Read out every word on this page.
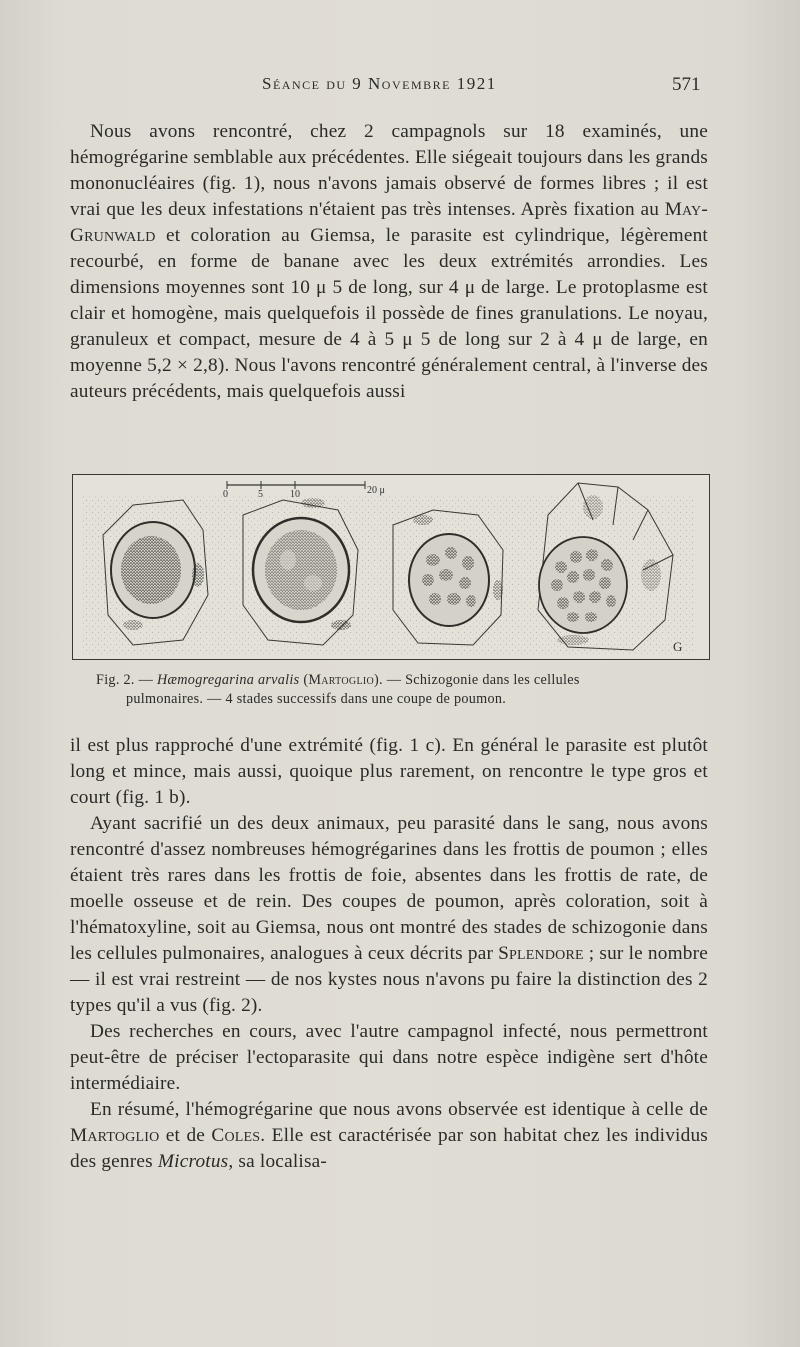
Séance du 9 Novembre 1921	571

Nous avons rencontré, chez 2 campagnols sur 18 examinés, une hémogrégarine semblable aux précédentes. Elle siégeait toujours dans les grands mononucléaires (fig. 1), nous n'avons jamais observé de formes libres ; il est vrai que les deux infestations n'étaient pas très intenses. Après fixation au May-Grunwald et coloration au Giemsa, le parasite est cylindrique, légèrement recourbé, en forme de banane avec les deux extrémités arrondies. Les dimensions moyennes sont 10 μ 5 de long, sur 4 μ de large. Le protoplasme est clair et homogène, mais quelquefois il possède de fines granulations. Le noyau, granuleux et compact, mesure de 4 à 5 μ 5 de long sur 2 à 4 μ de large, en moyenne 5,2 × 2,8). Nous l'avons rencontré généralement central, à l'inverse des auteurs précédents, mais quelquefois aussi

0	5	10	20 μ
G
Fig. 2. — Hæmogregarina arvalis (Martoglio). — Schizogonie dans les cellules
pulmonaires. — 4 stades successifs dans une coupe de poumon.

il est plus rapproché d'une extrémité (fig. 1 c). En général le parasite est plutôt long et mince, mais aussi, quoique plus rarement, on rencontre le type gros et court (fig. 1 b).

Ayant sacrifié un des deux animaux, peu parasité dans le sang, nous avons rencontré d'assez nombreuses hémogrégarines dans les frottis de poumon ; elles étaient très rares dans les frottis de foie, absentes dans les frottis de rate, de moelle osseuse et de rein. Des coupes de poumon, après coloration, soit à l'hématoxyline, soit au Giemsa, nous ont montré des stades de schizogonie dans les cellules pulmonaires, analogues à ceux décrits par Splendore ; sur le nombre — il est vrai restreint — de nos kystes nous n'avons pu faire la distinction des 2 types qu'il a vus (fig. 2).

Des recherches en cours, avec l'autre campagnol infecté, nous permettront peut-être de préciser l'ectoparasite qui dans notre espèce indigène sert d'hôte intermédiaire.

En résumé, l'hémogrégarine que nous avons observée est identique à celle de Martoglio et de Coles. Elle est caractérisée par son habitat chez les individus des genres Microtus, sa localisa-
